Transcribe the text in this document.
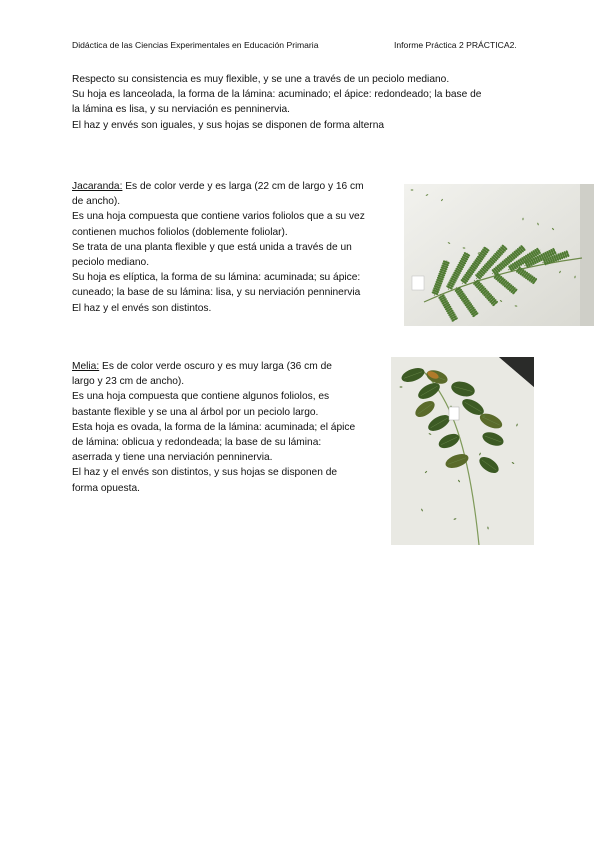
Didáctica de las Ciencias Experimentales en Educación Primaria	Informe Práctica 2 PRÁCTICA2.
Respecto su consistencia es muy flexible, y se une a través de un peciolo mediano.
Su hoja es lanceolada, la forma de la lámina: acuminado; el ápice: redondeado; la base de
la lámina es lisa, y su nerviación es penninervia.
El haz y envés son iguales, y sus hojas se disponen de forma alterna
Jacaranda: Es de color verde y es larga (22 cm de largo y 16 cm
de ancho).
Es una hoja compuesta que contiene varios foliolos que a su vez
contienen muchos foliolos (doblemente foliolar).
Se trata de una planta flexible y que está unida a través de un
peciolo mediano.
Su hoja es elíptica, la forma de su lámina: acuminada; su ápice:
cuneado; la base de su lámina: lisa, y su nerviación penninervia
El haz y el envés son distintos.
Melia: Es de color verde oscuro y es muy larga (36 cm de
largo y 23 cm de ancho).
Es una hoja compuesta que contiene algunos foliolos, es
bastante flexible y se una al árbol por un peciolo largo.
Esta hoja es ovada, la forma de la lámina: acuminada; el ápice
de lámina: oblicua y redondeada; la base de su lámina:
aserrada y tiene una nerviación penninervia.
El haz y el envés son distintos, y sus hojas se disponen de
forma opuesta.
